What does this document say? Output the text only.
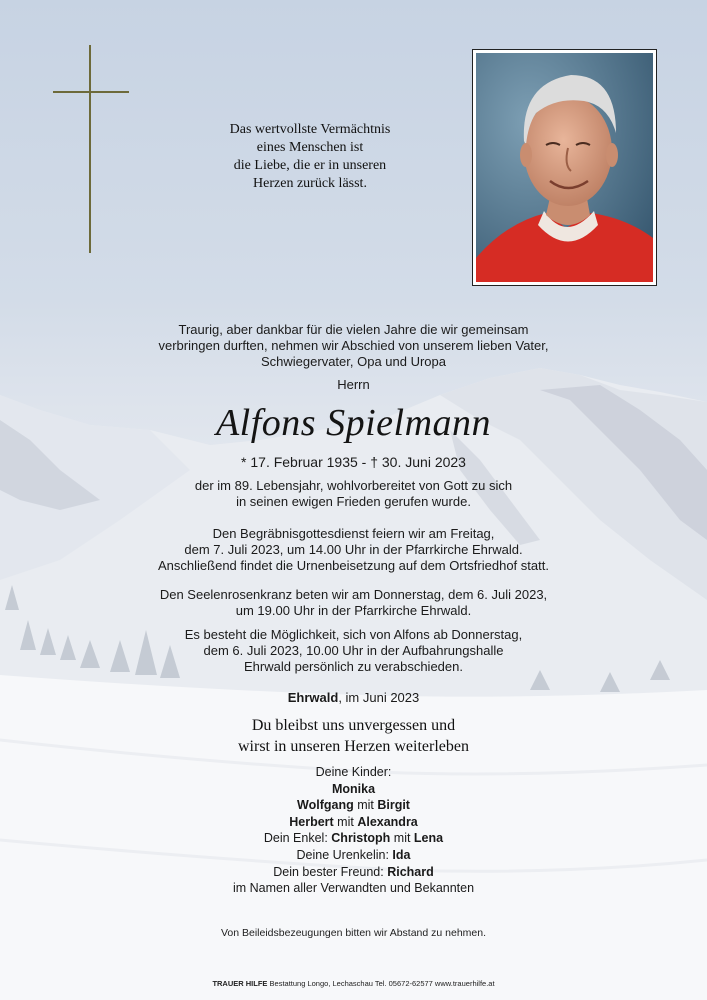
Das wertvollste Vermächtnis
eines Menschen ist
die Liebe, die er in unseren
Herzen zurück lässt.
Traurig, aber dankbar für die vielen Jahre die wir gemeinsam
verbringen durften, nehmen wir Abschied von unserem lieben Vater,
Schwiegervater, Opa und Uropa
Herrn
Alfons Spielmann
* 17. Februar 1935 - † 30. Juni 2023
der im 89. Lebensjahr, wohlvorbereitet von Gott zu sich
in seinen ewigen Frieden gerufen wurde.
Den Begräbnisgottesdienst feiern wir am Freitag,
dem 7. Juli 2023, um 14.00 Uhr in der Pfarrkirche Ehrwald.
Anschließend findet die Urnenbeisetzung auf dem Ortsfriedhof statt.
Den Seelenrosenkranz beten wir am Donnerstag, dem 6. Juli 2023,
um 19.00 Uhr in der Pfarrkirche Ehrwald.
Es besteht die Möglichkeit, sich von Alfons ab Donnerstag,
dem 6. Juli 2023, 10.00 Uhr in der Aufbahrungshalle
Ehrwald persönlich zu verabschieden.
Ehrwald, im Juni 2023
Du bleibst uns unvergessen und
wirst in unseren Herzen weiterleben
Deine Kinder:
Monika
Wolfgang mit Birgit
Herbert mit Alexandra
Dein Enkel: Christoph mit Lena
Deine Urenkelin: Ida
Dein bester Freund: Richard
im Namen aller Verwandten und Bekannten
Von Beileidsbezeugungen bitten wir Abstand zu nehmen.
TRAUER HILFE Bestattung Longo, Lechaschau Tel. 05672-62577 www.trauerhilfe.at
